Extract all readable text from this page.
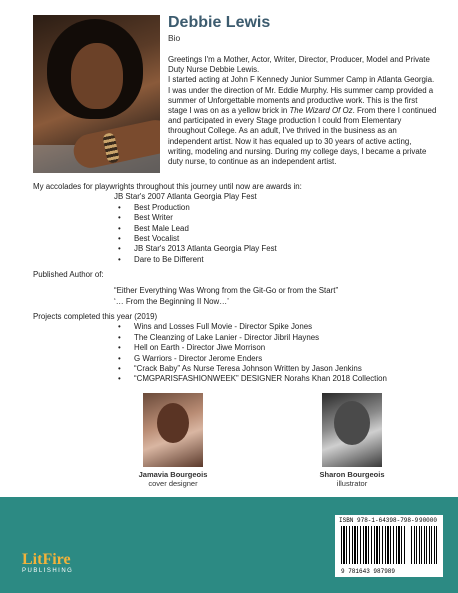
Debbie Lewis
Bio

Greetings I'm a Mother, Actor, Writer, Director, Producer, Model and Private Duty Nurse Debbie Lewis.

I started acting at John F Kennedy Junior Summer Camp in Atlanta Georgia. I was under the direction of Mr. Eddie Murphy. His summer camp provided a summer of Unforgettable moments and productive work. This is the first stage I was on as a yellow brick in The Wizard Of Oz. From there I continued and participated in every Stage production I could from Elementary throughout College. As an adult, I've thrived in the business as an independent artist. Now it has equaled up to 30 years of active acting, writing, modeling and nursing. During my college days, I became a private duty nurse, to continue as an independent artist.

My accolades for playwrights throughout this journey until now are awards in:

JB Star's 2007 Atlanta Georgia Play Fest

• Best Production
• Best Writer
• Best Male Lead
• Best Vocalist
• JB Star's 2013 Atlanta Georgia Play Fest
• Dare to Be Different

Published Author of:

“Either Everything Was Wrong from the Git-Go or from the Start”

‘… From the Beginning II Now…’

Projects completed this year (2019)

• Wins and Losses Full Movie - Director Spike Jones
• The Cleanzing of Lake Lanier - Director Jibril Haynes
• Hell on Earth - Director Jiwe Morrison
• G Warriors - Director Jerome Enders
• “Crack Baby” As Nurse Teresa Johnson Written by Jason Jenkins
• “CMGPARISFASHIONWEEK” DESIGNER Norahs Khan 2018 Collection
Jamavia Bourgeois
cover designer
Sharon Bourgeois
illustrator
LitFire
PUBLISHING
ISBN 978-1-64398-798-9 90000
9 781643 987989
